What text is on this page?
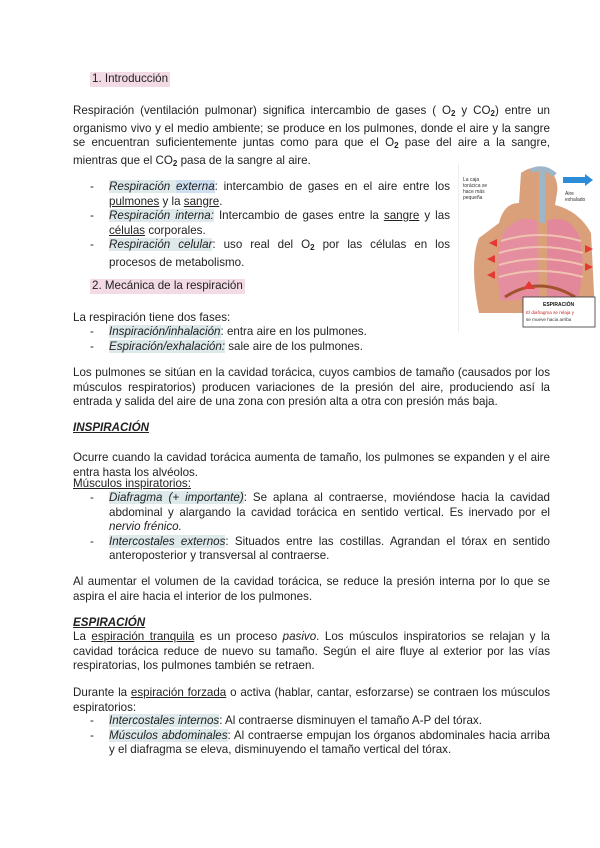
1. Introducción
Respiración (ventilación pulmonar) significa intercambio de gases ( $O_2$ y $CO_2$) entre un organismo vivo y el medio ambiente; se produce en los pulmones, donde el aire y la sangre se encuentran suficientemente juntas como para que el $O_2$ pase del aire a la sangre, mientras que el $CO_2$ pasa de la sangre al aire.
- Respiración externa: intercambio de gases en el aire entre los pulmones y la sangre.
- Respiración interna: Intercambio de gases entre la sangre y las células corporales.
- Respiración celular: uso real del $O_2$ por las células en los procesos de metabolismo.
La caja
torácica se
hace más
pequeña
Aire
exhalado
ESPIRACIÓN
El diafragma se relaja y
se mueve hacia arriba
2. Mecánica de la respiración
La respiración tiene dos fases:
- Inspiración/inhalación: entra aire en los pulmones.
- Espiración/exhalación: sale aire de los pulmones.
Los pulmones se sitúan en la cavidad torácica, cuyos cambios de tamaño (causados por los músculos respiratorios) producen variaciones de la presión del aire, produciendo así la entrada y salida del aire de una zona con presión alta a otra con presión más baja.
INSPIRACIÓN
Ocurre cuando la cavidad torácica aumenta de tamaño, los pulmones se expanden y el aire entra hasta los alvéolos.
Músculos inspiratorios:
- Diafragma (+ importante): Se aplana al contraerse, moviéndose hacia la cavidad abdominal y alargando la cavidad torácica en sentido vertical. Es inervado por el nervio frénico.
- Intercostales externos: Situados entre las costillas. Agrandan el tórax en sentido anteroposterior y transversal al contraerse.
Al aumentar el volumen de la cavidad torácica, se reduce la presión interna por lo que se aspira el aire hacia el interior de los pulmones.
ESPIRACIÓN
La espiración tranquila es un proceso pasivo. Los músculos inspiratorios se relajan y la cavidad torácica reduce de nuevo su tamaño. Según el aire fluye al exterior por las vías respiratorias, los pulmones también se retraen.
Durante la espiración forzada o activa (hablar, cantar, esforzarse) se contraen los músculos espiratorios:
- Intercostales internos: Al contraerse disminuyen el tamaño A-P del tórax.
- Músculos abdominales: Al contraerse empujan los órganos abdominales hacia arriba y el diafragma se eleva, disminuyendo el tamaño vertical del tórax.
